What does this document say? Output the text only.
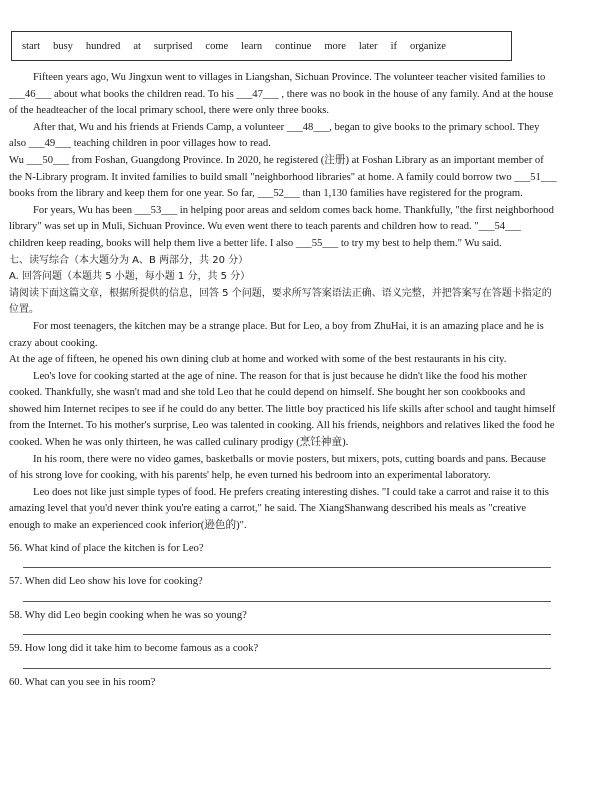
start busy hundred at surprised come learn continue more later if organize

Fifteen years ago, Wu Jingxun went to villages in Liangshan, Sichuan Province. The volunteer teacher visited families to ___46___ about what books the children read. To his ___47___ , there was no book in the house of any family. And at the house of the headteacher of the local primary school, there were only three books.

After that, Wu and his friends at Friends Camp, a volunteer ___48___, began to give books to the primary school. They also ___49___ teaching children in poor villages how to read.

Wu ___50___ from Foshan, Guangdong Province. In 2020, he registered (注册) at Foshan Library as an important member of the N-Library program. It invited families to build small "neighborhood libraries" at home. A family could borrow two ___51___ books from the library and keep them for one year. So far, ___52___ than 1,130 families have registered for the program.

For years, Wu has been ___53___ in helping poor areas and seldom comes back home. Thankfully, "the first neighborhood library" was set up in Muli, Sichuan Province. Wu even went there to teach parents and children how to read. "___54___ children keep reading, books will help them live a better life. I also ___55___ to try my best to help them." Wu said.

七、读写综合（本大题分为 A、B 两部分，共 20 分）

A. 回答问题（本题共 5 小题，每小题 1 分，共 5 分）

请阅读下面这篇文章，根据所提供的信息，回答 5 个问题，要求所写答案语法正确、语义完整，并把答案写在答题卡指定的位置。

For most teenagers, the kitchen may be a strange place. But for Leo, a boy from ZhuHai, it is an amazing place and he is crazy about cooking.

At the age of fifteen, he opened his own dining club at home and worked with some of the best restaurants in his city.

Leo's love for cooking started at the age of nine. The reason for that is just because he didn't like the food his mother cooked. Thankfully, she wasn't mad and she told Leo that he could depend on himself. She bought her son cookbooks and showed him Internet recipes to see if he could do any better. The little boy practiced his life skills after school and taught himself from the Internet. To his mother's surprise, Leo was talented in cooking. All his friends, neighbors and relatives liked the food he cooked. When he was only thirteen, he was called culinary prodigy (烹饪神童).

In his room, there were no video games, basketballs or movie posters, but mixers, pots, cutting boards and pans. Because of his strong love for cooking, with his parents' help, he even turned his bedroom into an experimental laboratory.

Leo does not like just simple types of food. He prefers creating interesting dishes. "I could take a carrot and raise it to this amazing level that you'd never think you're eating a carrot," he said. The XiangShanwang described his meals as "creative enough to make an experienced cook inferior(逊色的)".

56. What kind of place the kitchen is for Leo?

57. When did Leo show his love for cooking?

58. Why did Leo begin cooking when he was so young?

59. How long did it take him to become famous as a cook?

60. What can you see in his room?
